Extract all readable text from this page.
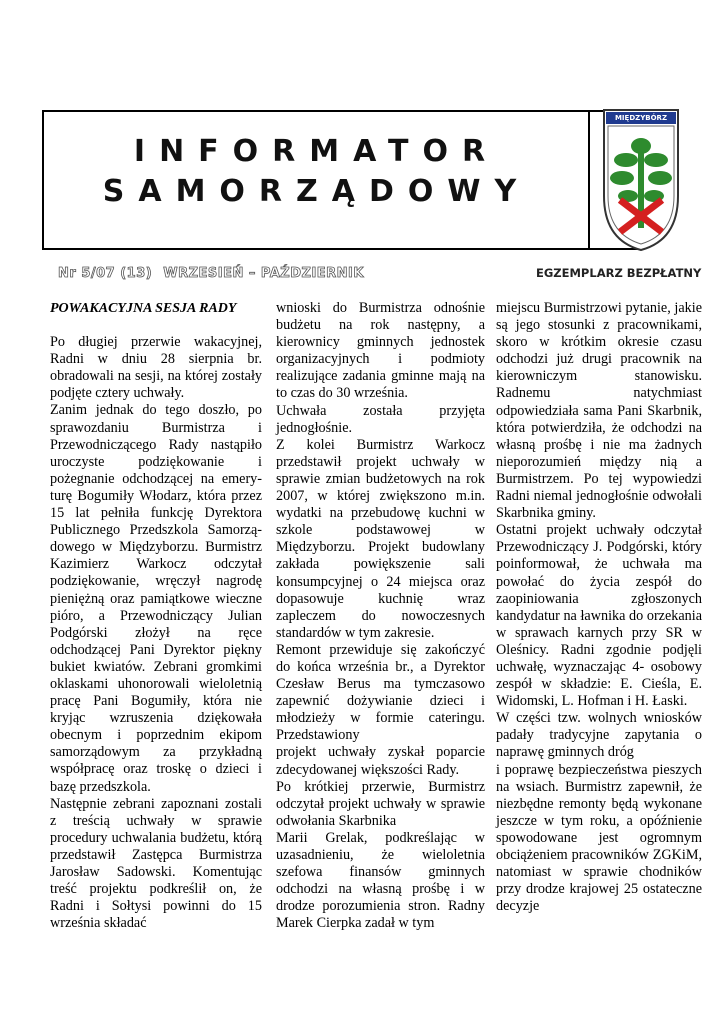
INFORMATOR
SAMORZĄDOWY
MIĘDZYBÓRZ
Nr 5/07 (13) WRZESIEŃ – PAŹDZIERNIK	EGZEMPLARZ BEZPŁATNY

POWAKACYJNA SESJA RADY

Po długiej przerwie wakacyjnej, Radni w dniu 28 sierpnia br. obradowali na sesji, na której zostały podjęte cztery uchwały.

Zanim jednak do tego doszło, po sprawozdaniu Burmistrza i Przewodniczącego Rady nastąpiło uroczyste podziękowanie i pożegnanie odchodzącej na emery-turę Bogumiły Włodarz, która przez 15 lat pełniła funkcję Dyrektora Publicznego Przedszkola Samorzą-dowego w Międzyborzu. Burmistrz Kazimierz Warkocz odczytał podziękowanie, wręczył nagrodę pieniężną oraz pamiątkowe wieczne pióro, a Przewodniczący Julian Podgórski złożył na ręce odchodzącej Pani Dyrektor piękny bukiet kwiatów. Zebrani gromkimi oklaskami uhonorowali wieloletnią pracę Pani Bogumiły, która nie kryjąc wzruszenia dziękowała obecnym i poprzednim ekipom samorządowym za przykładną współpracę oraz troskę o dzieci i bazę przedszkola.

Następnie zebrani zapoznani zostali z treścią uchwały w sprawie procedury uchwalania budżetu, którą przedstawił Zastępca Burmistrza Jarosław Sadowski. Komentując treść projektu podkreślił on, że Radni i Sołtysi powinni do 15 września składać

wnioski do Burmistrza odnośnie budżetu na rok następny, a kierownicy gminnych jednostek organizacyjnych i podmioty realizujące zadania gminne mają na to czas do 30 września.

Uchwała została przyjęta jednogłośnie.

Z kolei Burmistrz Warkocz przedstawił projekt uchwały w sprawie zmian budżetowych na rok 2007, w której zwiększono m.in. wydatki na przebudowę kuchni w szkole podstawowej w Międzyborzu. Projekt budowlany zakłada powiększenie sali konsumpcyjnej o 24 miejsca oraz dopasowuje kuchnię wraz zapleczem do nowoczesnych standardów w tym zakresie.

Remont przewiduje się zakończyć do końca września br., a Dyrektor Czesław Berus ma tymczasowo zapewnić dożywianie dzieci i młodzieży w formie cateringu. Przedstawiony

projekt uchwały zyskał poparcie zdecydowanej większości Rady.

Po krótkiej przerwie, Burmistrz odczytał projekt uchwały w sprawie odwołania Skarbnika

Marii Grelak, podkreślając w uzasadnieniu, że wieloletnia szefowa finansów gminnych odchodzi na własną prośbę i w drodze porozumienia stron. Radny Marek Cierpka zadał w tym

miejscu Burmistrzowi pytanie, jakie są jego stosunki z pracownikami, skoro w krótkim okresie czasu odchodzi już drugi pracownik na kierowniczym stanowisku. Radnemu natychmiast odpowiedziała sama Pani Skarbnik, która potwierdziła, że odchodzi na własną prośbę i nie ma żadnych nieporozumień między nią a Burmistrzem. Po tej wypowiedzi Radni niemal jednogłośnie odwołali Skarbnika gminy.

Ostatni projekt uchwały odczytał Przewodniczący J. Podgórski, który poinformował, że uchwała ma powołać do życia zespół do zaopiniowania zgłoszonych kandydatur na ławnika do orzekania w sprawach karnych przy SR w Oleśnicy. Radni zgodnie podjęli uchwałę, wyznaczając 4- osobowy zespół w składzie: E. Cieśla, E. Widomski, L. Hofman i H. Łaski.

W części tzw. wolnych wniosków padały tradycyjne zapytania o naprawę gminnych dróg

i poprawę bezpieczeństwa pieszych na wsiach. Burmistrz zapewnił, że niezbędne remonty będą wykonane jeszcze w tym roku, a opóźnienie spowodowane jest ogromnym obciążeniem pracowników ZGKiM, natomiast w sprawie chodników przy drodze krajowej 25 ostateczne decyzje
